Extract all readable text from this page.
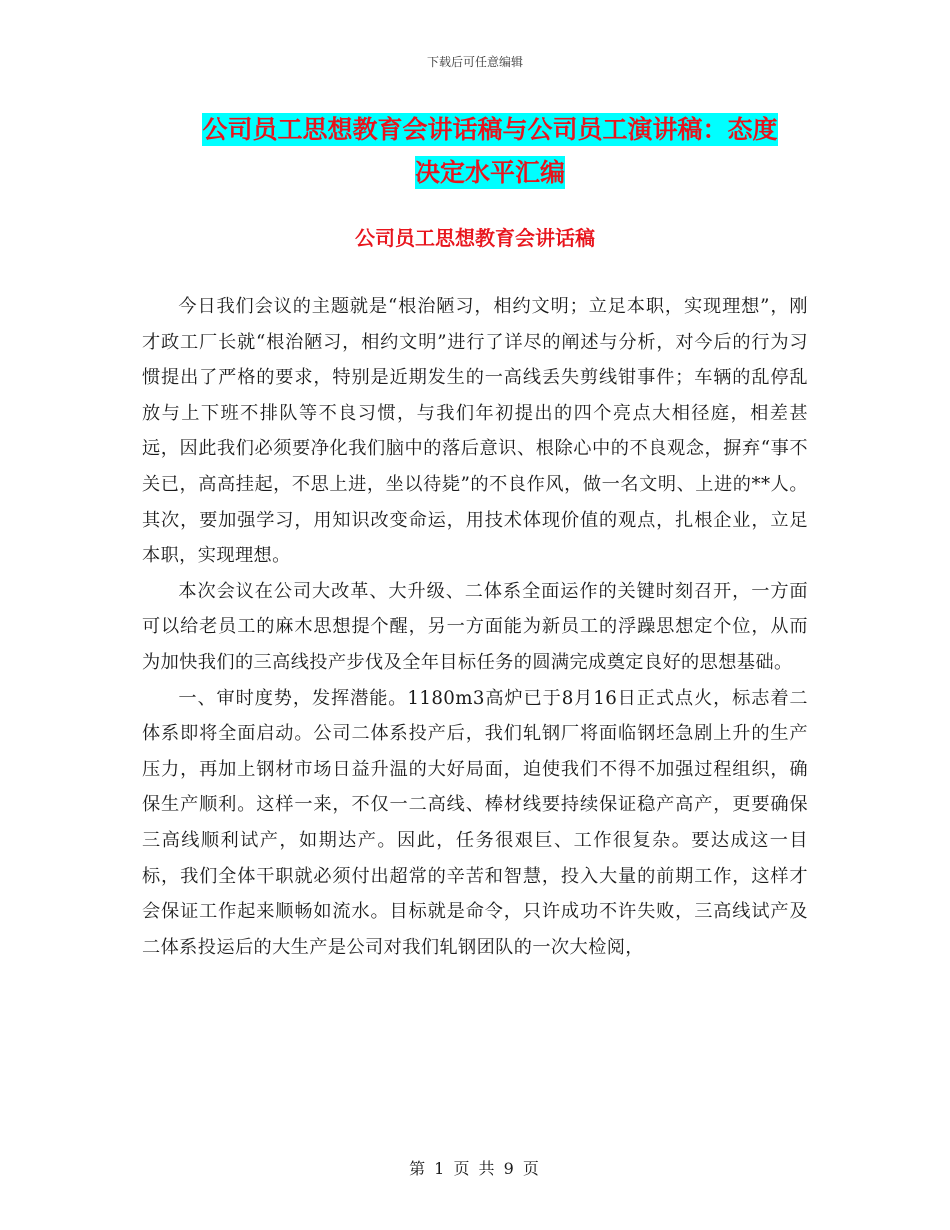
下载后可任意编辑
公司员工思想教育会讲话稿与公司员工演讲稿：态度
决定水平汇编
公司员工思想教育会讲话稿

今日我们会议的主题就是“根治陋习，相约文明；立足本职，实现理想”，刚才政工厂长就“根治陋习，相约文明”进行了详尽的阐述与分析，对今后的行为习惯提出了严格的要求，特别是近期发生的一高线丢失剪线钳事件；车辆的乱停乱放与上下班不排队等不良习惯，与我们年初提出的四个亮点大相径庭，相差甚远，因此我们必须要净化我们脑中的落后意识、根除心中的不良观念，摒弃“事不关已，高高挂起，不思上进，坐以待毙”的不良作风，做一名文明、上进的**人。其次，要加强学习，用知识改变命运，用技术体现价值的观点，扎根企业，立足本职，实现理想。

本次会议在公司大改革、大升级、二体系全面运作的关键时刻召开，一方面可以给老员工的麻木思想提个醒，另一方面能为新员工的浮躁思想定个位，从而为加快我们的三高线投产步伐及全年目标任务的圆满完成奠定良好的思想基础。

一、审时度势，发挥潜能。1180m3高炉已于8月16日正式点火，标志着二体系即将全面启动。公司二体系投产后，我们轧钢厂将面临钢坯急剧上升的生产压力，再加上钢材市场日益升温的大好局面，迫使我们不得不加强过程组织，确保生产顺利。这样一来，不仅一二高线、棒材线要持续保证稳产高产，更要确保三高线顺利试产，如期达产。因此，任务很艰巨、工作很复杂。要达成这一目标，我们全体干职就必须付出超常的辛苦和智慧，投入大量的前期工作，这样才会保证工作起来顺畅如流水。目标就是命令，只许成功不许失败，三高线试产及二体系投运后的大生产是公司对我们轧钢团队的一次大检阅，

第 1 页 共 9 页
